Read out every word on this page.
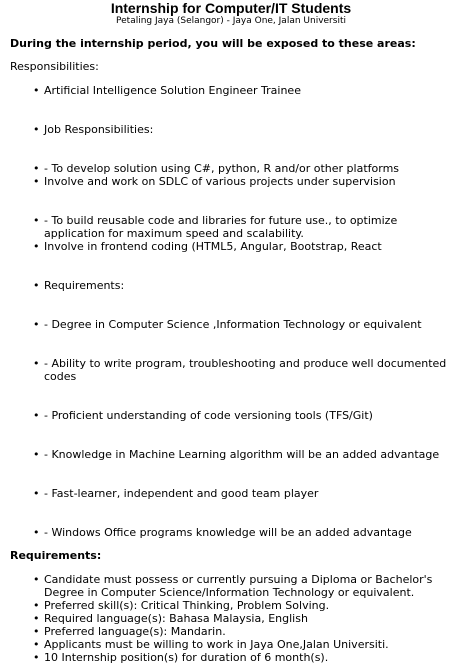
Internship for Computer/IT Students
Petaling Jaya (Selangor) - Jaya One, Jalan Universiti
During the internship period, you will be exposed to these areas:
Responsibilities:
• Artificial Intelligence Solution Engineer Trainee
• Job Responsibilities:
• - To develop solution using C#, python, R and/or other platforms
• Involve and work on SDLC of various projects under supervision
• - To build reusable code and libraries for future use., to optimize application for maximum speed and scalability.
• Involve in frontend coding (HTML5, Angular, Bootstrap, React
• Requirements:
• - Degree in Computer Science ,Information Technology or equivalent
• - Ability to write program, troubleshooting and produce well documented codes
• - Proficient understanding of code versioning tools (TFS/Git)
• - Knowledge in Machine Learning algorithm will be an added advantage
• - Fast-learner, independent and good team player
• - Windows Office programs knowledge will be an added advantage
Requirements:
• Candidate must possess or currently pursuing a Diploma or Bachelor's Degree in Computer Science/Information Technology or equivalent.
• Preferred skill(s): Critical Thinking, Problem Solving.
• Required language(s): Bahasa Malaysia, English
• Preferred language(s): Mandarin.
• Applicants must be willing to work in Jaya One,Jalan Universiti.
• 10 Internship position(s) for duration of 6 month(s).
